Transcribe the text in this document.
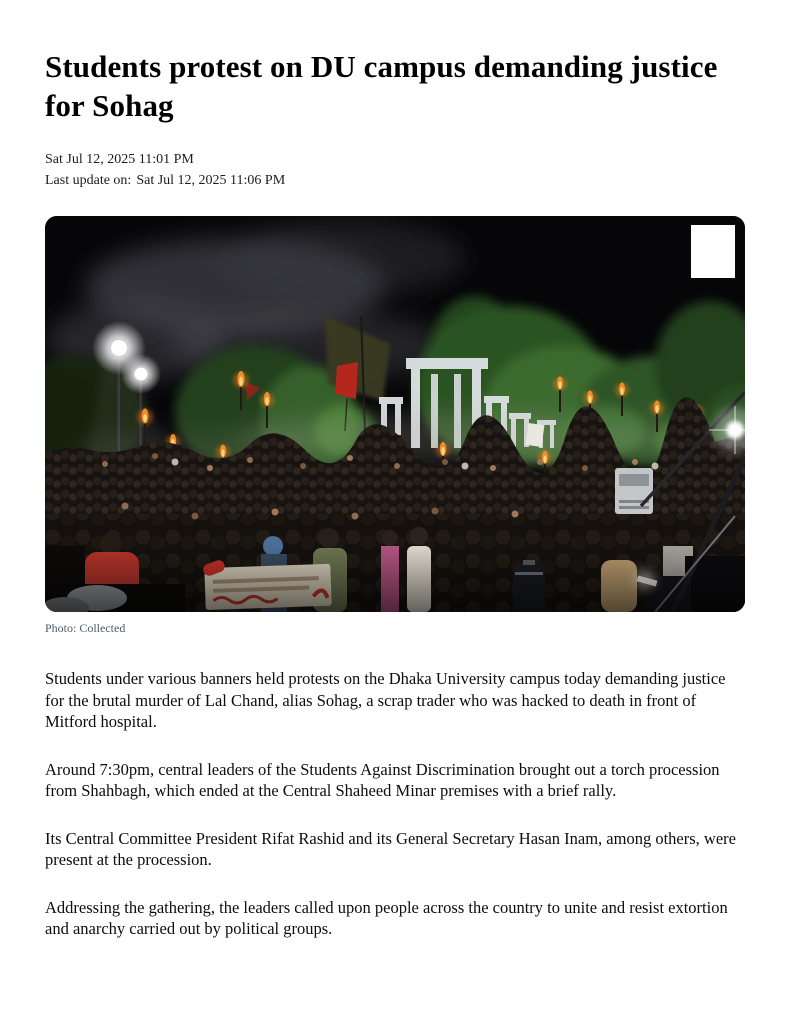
Students protest on DU campus demanding justice for Sohag
Sat Jul 12, 2025 11:01 PM
Last update on: Sat Jul 12, 2025 11:06 PM
Photo: Collected

Students under various banners held protests on the Dhaka University campus today demanding justice for the brutal murder of Lal Chand, alias Sohag, a scrap trader who was hacked to death in front of Mitford hospital.

Around 7:30pm, central leaders of the Students Against Discrimination brought out a torch procession from Shahbagh, which ended at the Central Shaheed Minar premises with a brief rally.

Its Central Committee President Rifat Rashid and its General Secretary Hasan Inam, among others, were present at the procession.

Addressing the gathering, the leaders called upon people across the country to unite and resist extortion and anarchy carried out by political groups.
